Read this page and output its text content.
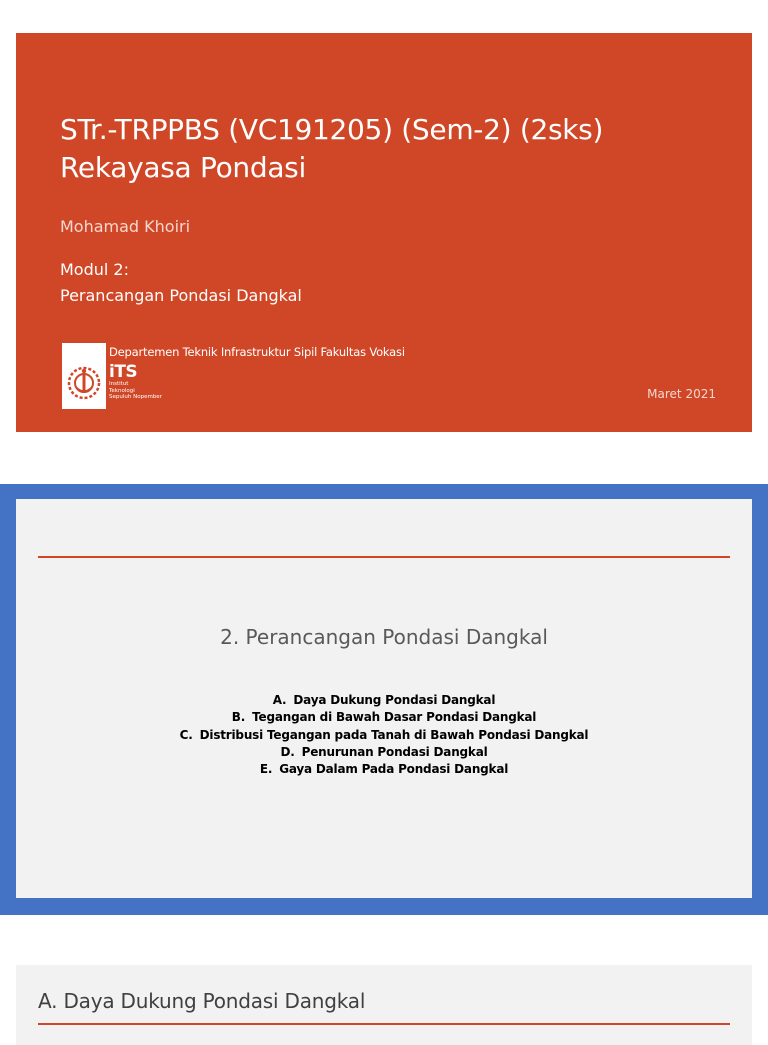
STr.-TRPPBS (VC191205) (Sem-2) (2sks)
Rekayasa Pondasi
Mohamad Khoiri
Modul 2:
Perancangan Pondasi Dangkal
Departemen Teknik Infrastruktur Sipil Fakultas Vokasi
iTS
Institut
Teknologi
Sepuluh Nopember	Maret 2021
2. Perancangan Pondasi Dangkal
A. Daya Dukung Pondasi Dangkal
B. Tegangan di Bawah Dasar Pondasi Dangkal
C. Distribusi Tegangan pada Tanah di Bawah Pondasi Dangkal
D. Penurunan Pondasi Dangkal
E. Gaya Dalam Pada Pondasi Dangkal
A. Daya Dukung Pondasi Dangkal
